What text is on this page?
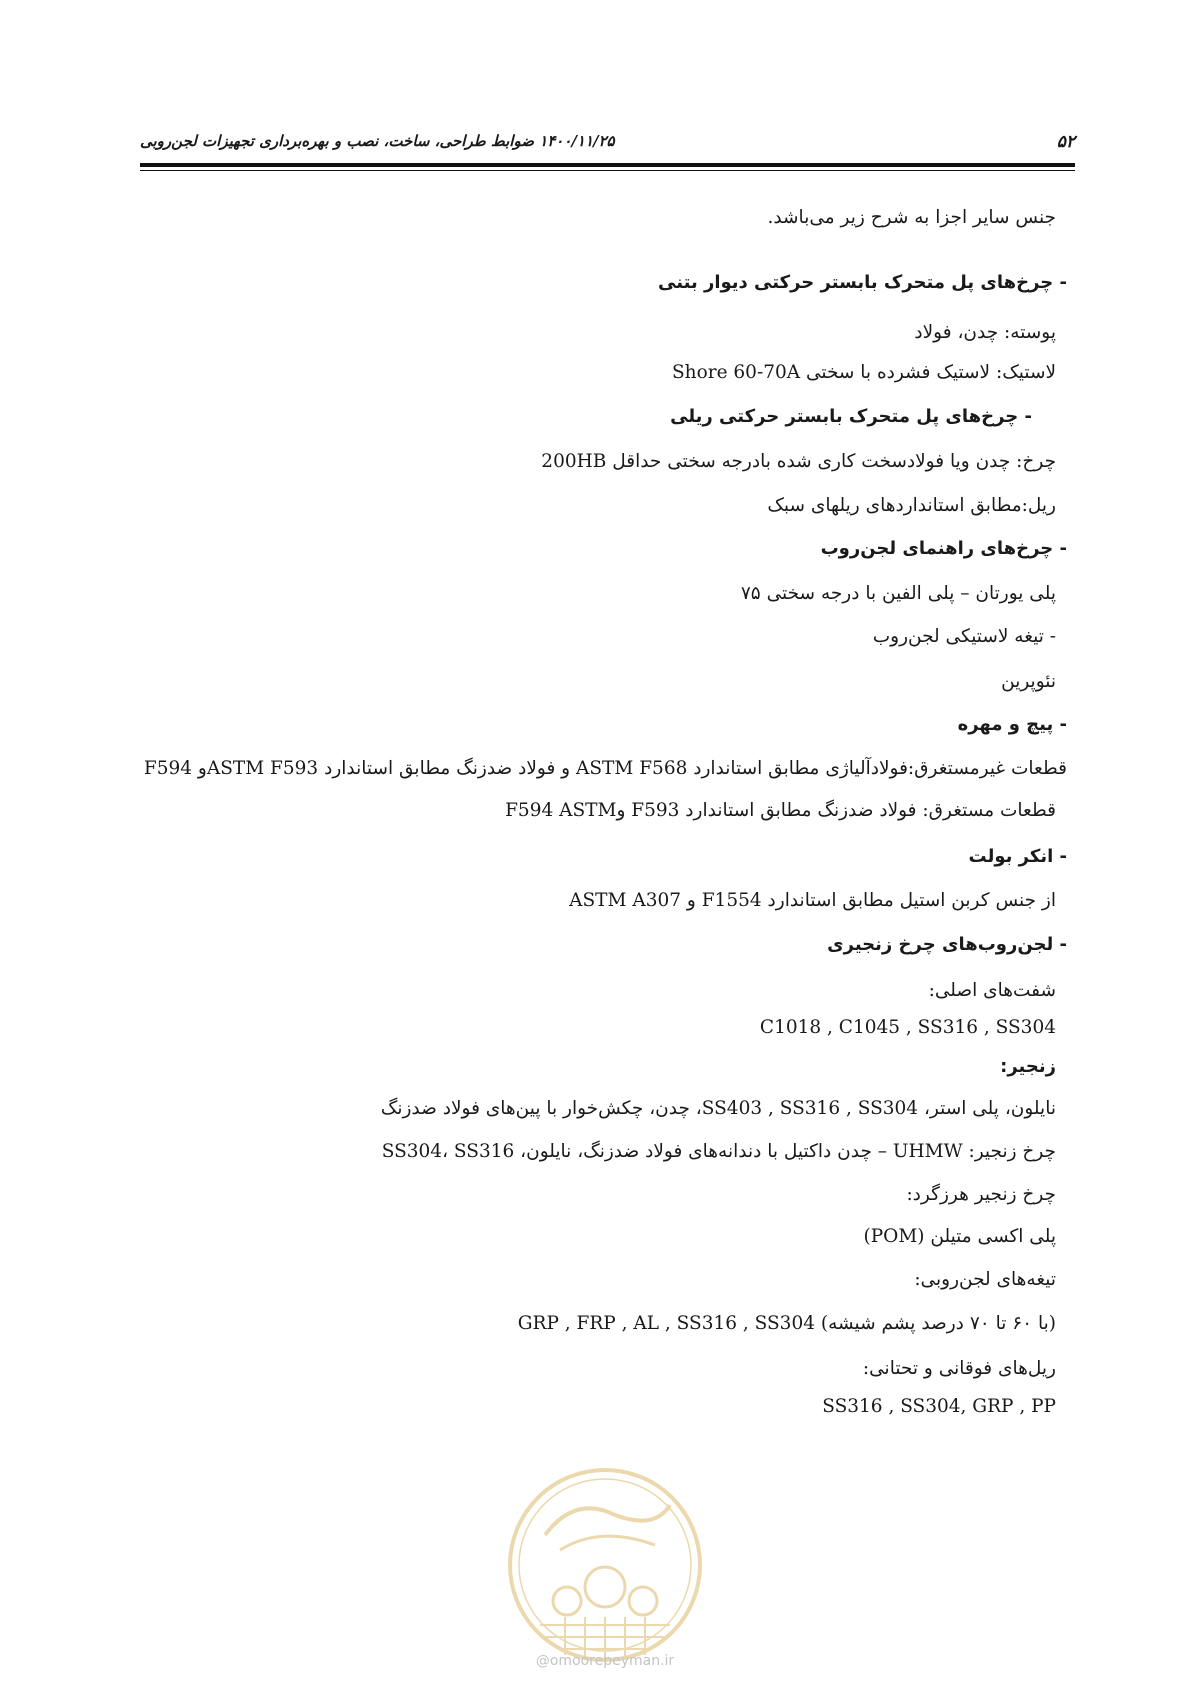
۵۲
۱۴۰۰/۱۱/۲۵ ضوابط طراحی، ساخت، نصب و بهره‌برداری تجهیزات لجن‌روبی
جنس سایر اجزا به شرح زیر می‌باشد.
- چرخ‌های پل متحرک بابستر حرکتی دیوار بتنی
پوسته: چدن، فولاد
لاستیک: لاستیک فشرده با سختی Shore 60-70A
- چرخ‌های پل متحرک بابستر حرکتی ریلی
چرخ: چدن ویا فولادسخت کاری شده بادرجه سختی حداقل 200HB
ریل:مطابق استانداردهای ریلهای سبک
- چرخ‌های راهنمای لجن‌روب
پلی یورتان – پلی الفین با درجه سختی ۷۵
- تیغه لاستیکی لجن‌روب
نئوپرین
- پیچ و مهره
قطعات غیرمستغرق:فولادآلیاژی مطابق استاندارد ASTM F568 و فولاد ضدزنگ مطابق استاندارد ASTM F593و F594
قطعات مستغرق: فولاد ضدزنگ مطابق استاندارد F593 وF594 ASTM
- انکر بولت
از جنس کربن استیل مطابق استاندارد F1554 و ASTM A307
- لجن‌روب‌های چرخ زنجیری
شفت‌های اصلی:
C1018 , C1045 , SS316 , SS304
زنجیر:
نایلون، پلی استر، SS403 , SS316 , SS304، چدن، چکش‌خوار با پین‌های فولاد ضدزنگ
چرخ زنجیر: UHMW – چدن داکتیل با دندانه‌های فولاد ضدزنگ، نایلون، SS304، SS316
چرخ زنجیر هرزگرد:
پلی اکسی متیلن (POM)
تیغه‌های لجن‌روبی:
GRP , FRP , AL , SS316 , SS304 (با ۶۰ تا ۷۰ درصد پشم شیشه)
ریل‌های فوقانی و تحتانی:
SS316 , SS304, GRP , PP
@omoorepeyman.ir
